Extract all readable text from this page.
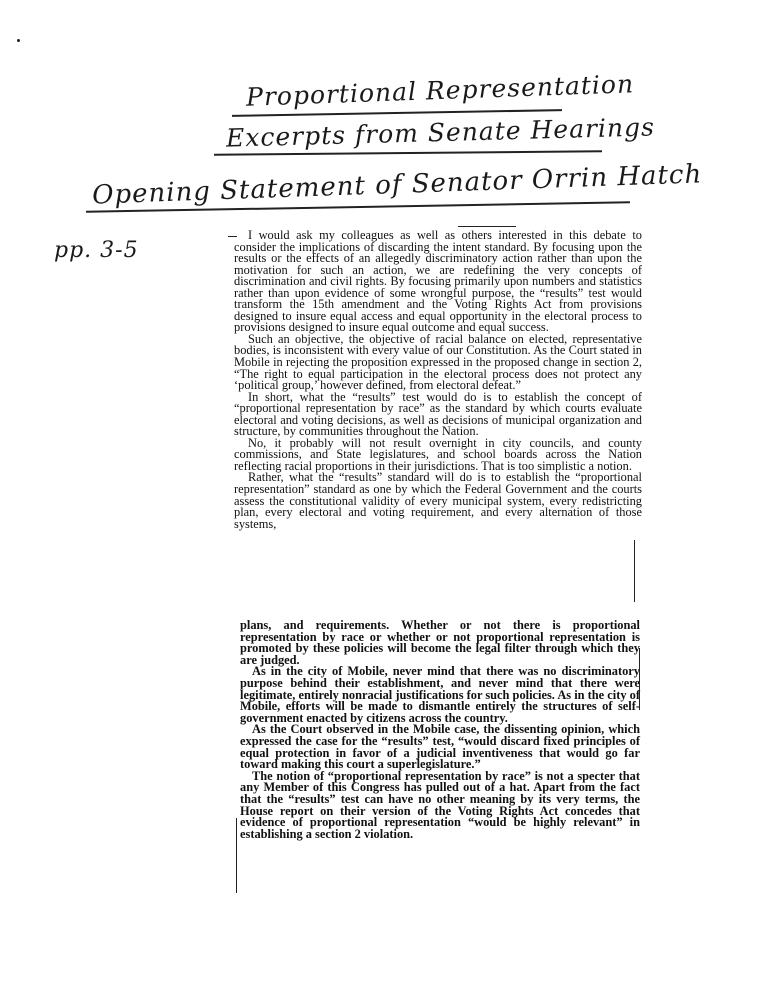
Proportional Representation
Excerpts from Senate Hearings
Opening Statement of Senator Orrin Hatch
pp. 3-5

I would ask my colleagues as well as others interested in this debate to consider the implications of discarding the intent standard. By focusing upon the results or the effects of an allegedly discriminatory action rather than upon the motivation for such an action, we are redefining the very concepts of discrimination and civil rights. By focusing primarily upon numbers and statistics rather than upon evidence of some wrongful purpose, the “results” test would transform the 15th amendment and the Voting Rights Act from provisions designed to insure equal access and equal opportunity in the electoral process to provisions designed to insure equal outcome and equal success.

Such an objective, the objective of racial balance on elected, representative bodies, is inconsistent with every value of our Constitution. As the Court stated in Mobile in rejecting the proposition expressed in the proposed change in section 2, “The right to equal participation in the electoral process does not protect any ‘political group,’ however defined, from electoral defeat.”

In short, what the “results” test would do is to establish the concept of “proportional representation by race” as the standard by which courts evaluate electoral and voting decisions, as well as decisions of municipal organization and structure, by communities throughout the Nation.

No, it probably will not result overnight in city councils, and county commissions, and State legislatures, and school boards across the Nation reflecting racial proportions in their jurisdictions. That is too simplistic a notion.

Rather, what the “results” standard will do is to establish the “proportional representation” standard as one by which the Federal Government and the courts assess the constitutional validity of every municipal system, every redistricting plan, every electoral and voting requirement, and every alternation of those systems,

plans, and requirements. Whether or not there is proportional representation by race or whether or not proportional representation is promoted by these policies will become the legal filter through which they are judged.

As in the city of Mobile, never mind that there was no discriminatory purpose behind their establishment, and never mind that there were legitimate, entirely nonracial justifications for such policies. As in the city of Mobile, efforts will be made to dismantle entirely the structures of self-government enacted by citizens across the country.

As the Court observed in the Mobile case, the dissenting opinion, which expressed the case for the “results” test, “would discard fixed principles of equal protection in favor of a judicial inventiveness that would go far toward making this court a superlegislature.”

The notion of “proportional representation by race” is not a specter that any Member of this Congress has pulled out of a hat. Apart from the fact that the “results” test can have no other meaning by its very terms, the House report on their version of the Voting Rights Act concedes that evidence of proportional representation “would be highly relevant” in establishing a section 2 violation.
